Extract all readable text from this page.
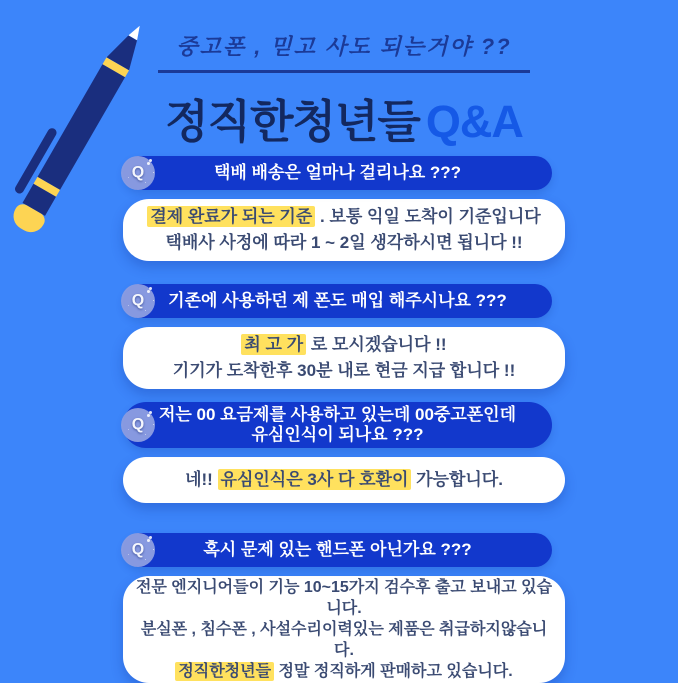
중고폰 , 믿고 사도 되는거야 ??
정직한청년들 Q&A
Q	택배 배송은 얼마나 걸리나요 ???
결제 완료가 되는 기준 . 보통 익일 도착이 기준입니다
택배사 사정에 따라 1 ~ 2일 생각하시면 됩니다 !!
Q	기존에 사용하던 제 폰도 매입 해주시나요 ???
최 고 가 로 모시겠습니다 !!
기기가 도착한후 30분 내로 현금 지급 합니다 !!
Q
저는 00 요금제를 사용하고 있는데 00중고폰인데
유심인식이 되나요 ???
네!! 유심인식은 3사 다 호환이 가능합니다.
Q	혹시 문제 있는 핸드폰 아닌가요 ???
전문 엔지니어들이 기능 10~15가지 검수후 출고 보내고 있습니다.
분실폰 , 침수폰 , 사설수리이력있는 제품은 취급하지않습니다.
정직한청년들 정말 정직하게 판매하고 있습니다.
